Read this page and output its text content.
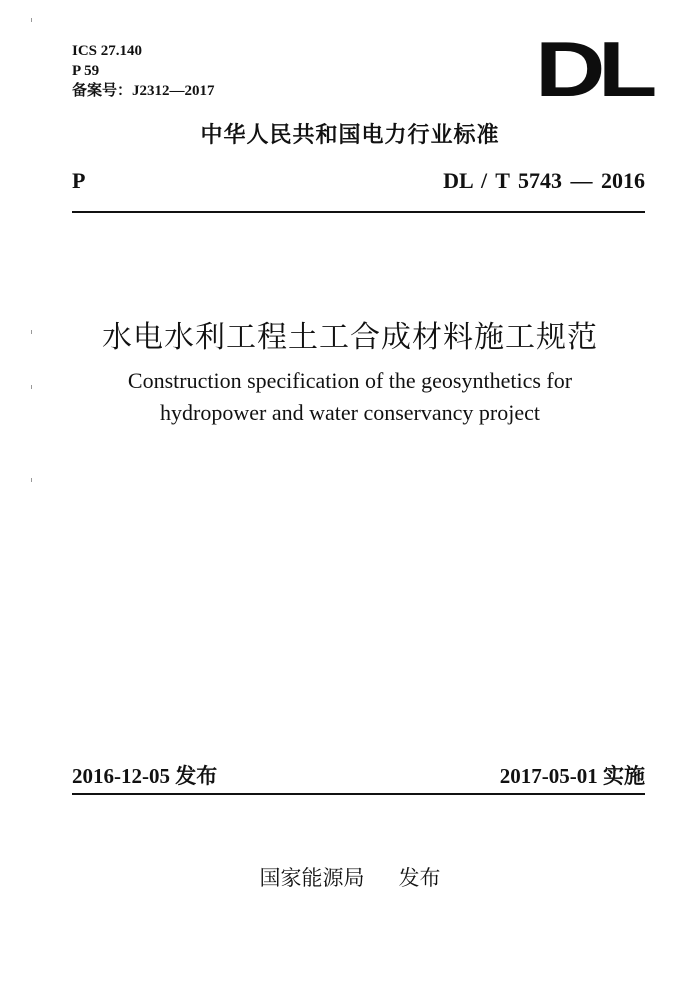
ICS 27.140
P 59
备案号：J2312—2017	DL
中华人民共和国电力行业标准
P	DL / T 5743 — 2016
水电水利工程土工合成材料施工规范
Construction specification of the geosynthetics for
hydropower and water conservancy project
2016-12-05 发布	2017-05-01 实施
国家能源局 发布
